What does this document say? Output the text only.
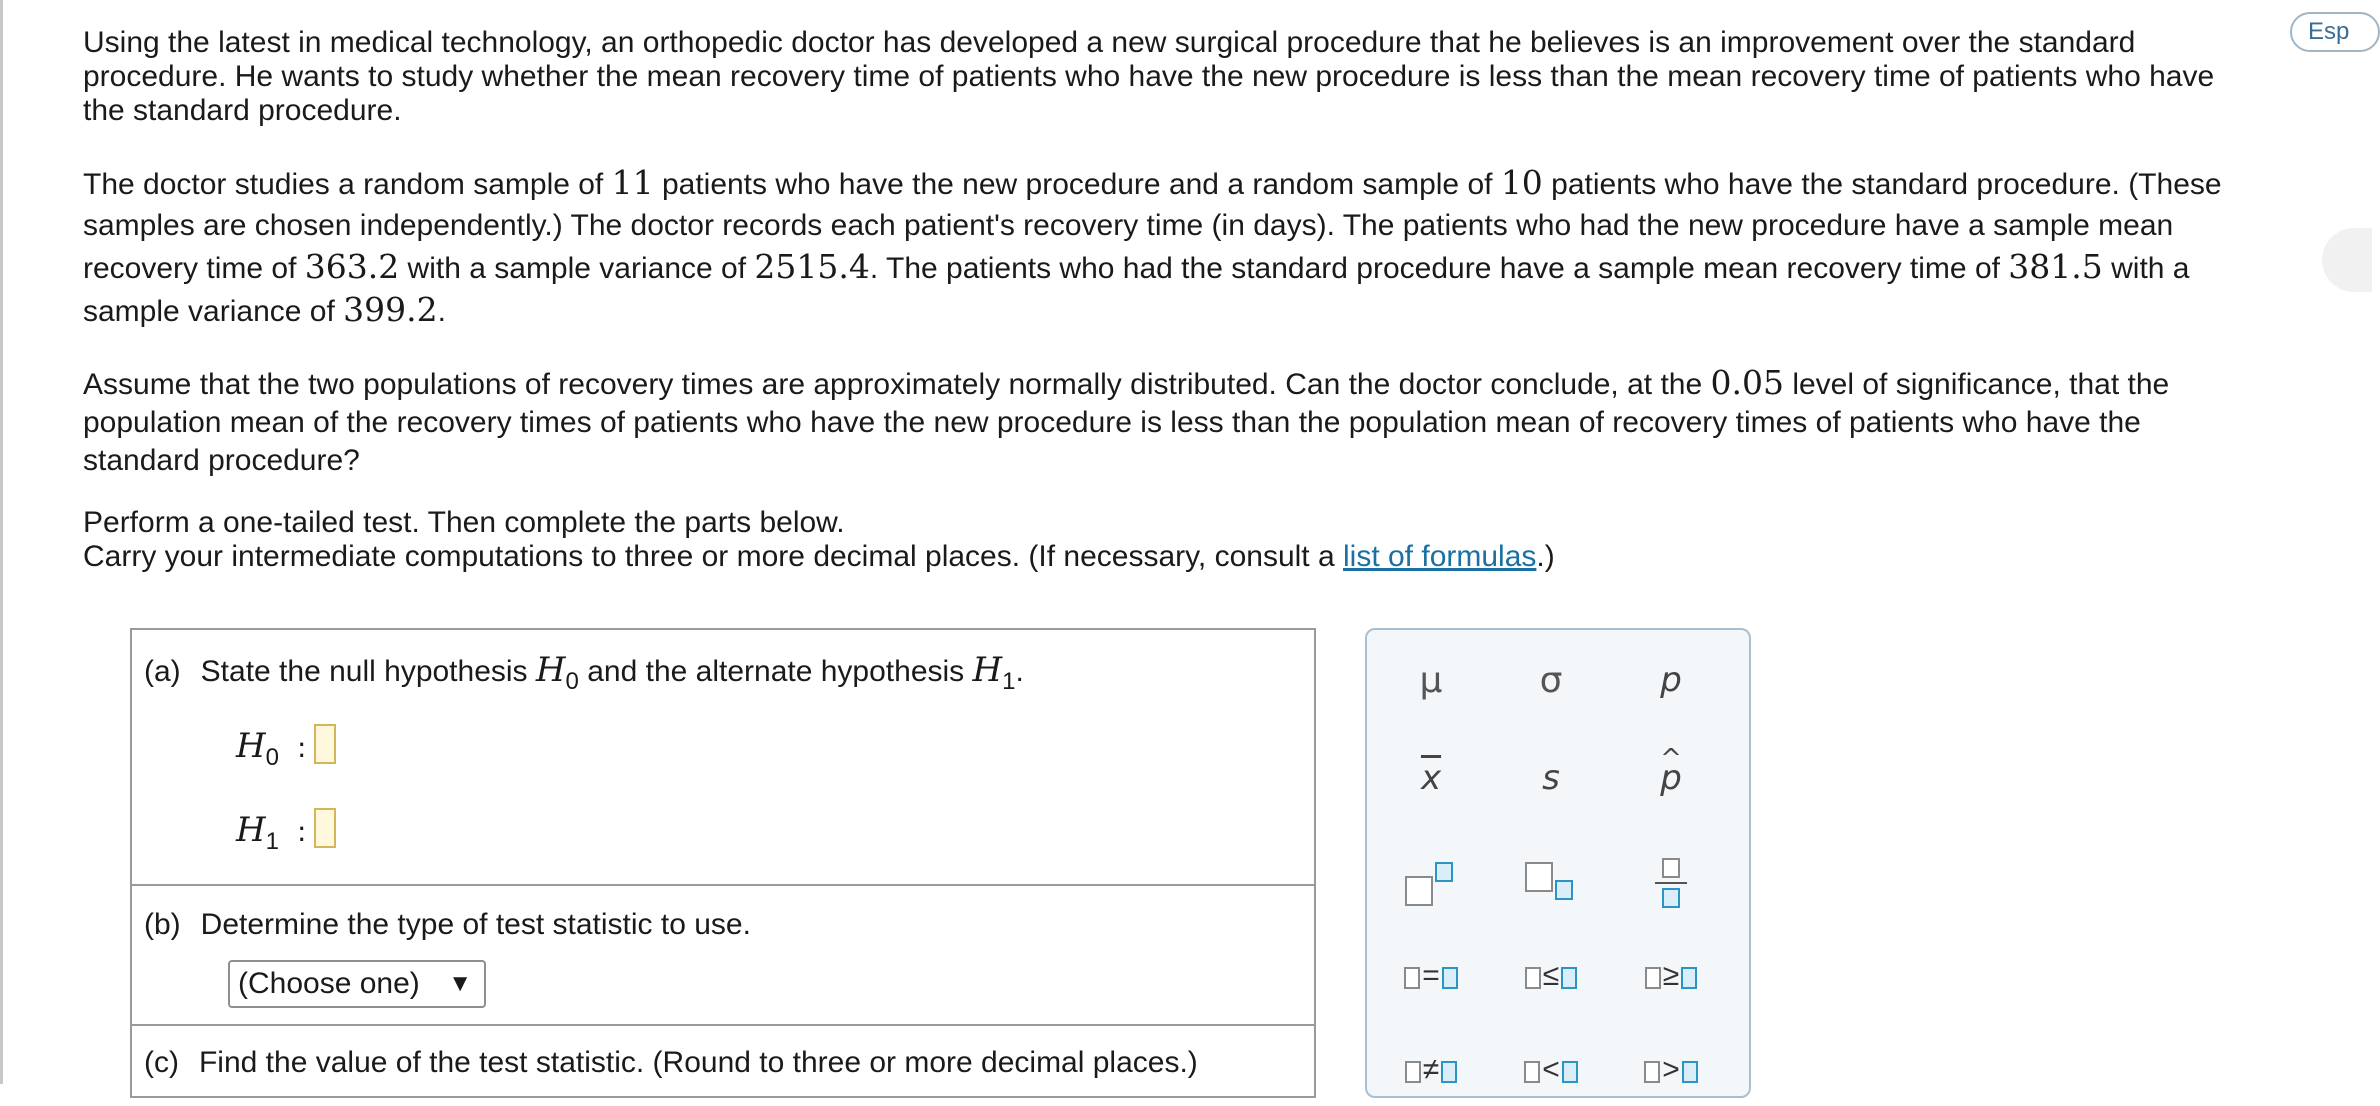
Esp

Using the latest in medical technology, an orthopedic doctor has developed a new surgical procedure that he believes is an improvement over the standard procedure. He wants to study whether the mean recovery time of patients who have the new procedure is less than the mean recovery time of patients who have the standard procedure.

The doctor studies a random sample of 11 patients who have the new procedure and a random sample of 10 patients who have the standard procedure. (These samples are chosen independently.) The doctor records each patient's recovery time (in days). The patients who had the new procedure have a sample mean recovery time of 363.2 with a sample variance of 2515.4. The patients who had the standard procedure have a sample mean recovery time of 381.5 with a sample variance of 399.2.

Assume that the two populations of recovery times are approximately normally distributed. Can the doctor conclude, at the 0.05 level of significance, that the population mean of the recovery times of patients who have the new procedure is less than the population mean of recovery times of patients who have the standard procedure?

Perform a one-tailed test. Then complete the parts below.
Carry your intermediate computations to three or more decimal places. (If necessary, consult a list of formulas.)

(a) State the null hypothesis $H_0$ and the alternate hypothesis $H_1$.
$H_0$ :
$H_1$ :
(b) Determine the type of test statistic to use.
(Choose one) ▼
(c) Find the value of the test statistic. (Round to three or more decimal places.)
μ	σ	p
$\overline{x}$	s	^ p
=	≤	≥
≠	<	>
